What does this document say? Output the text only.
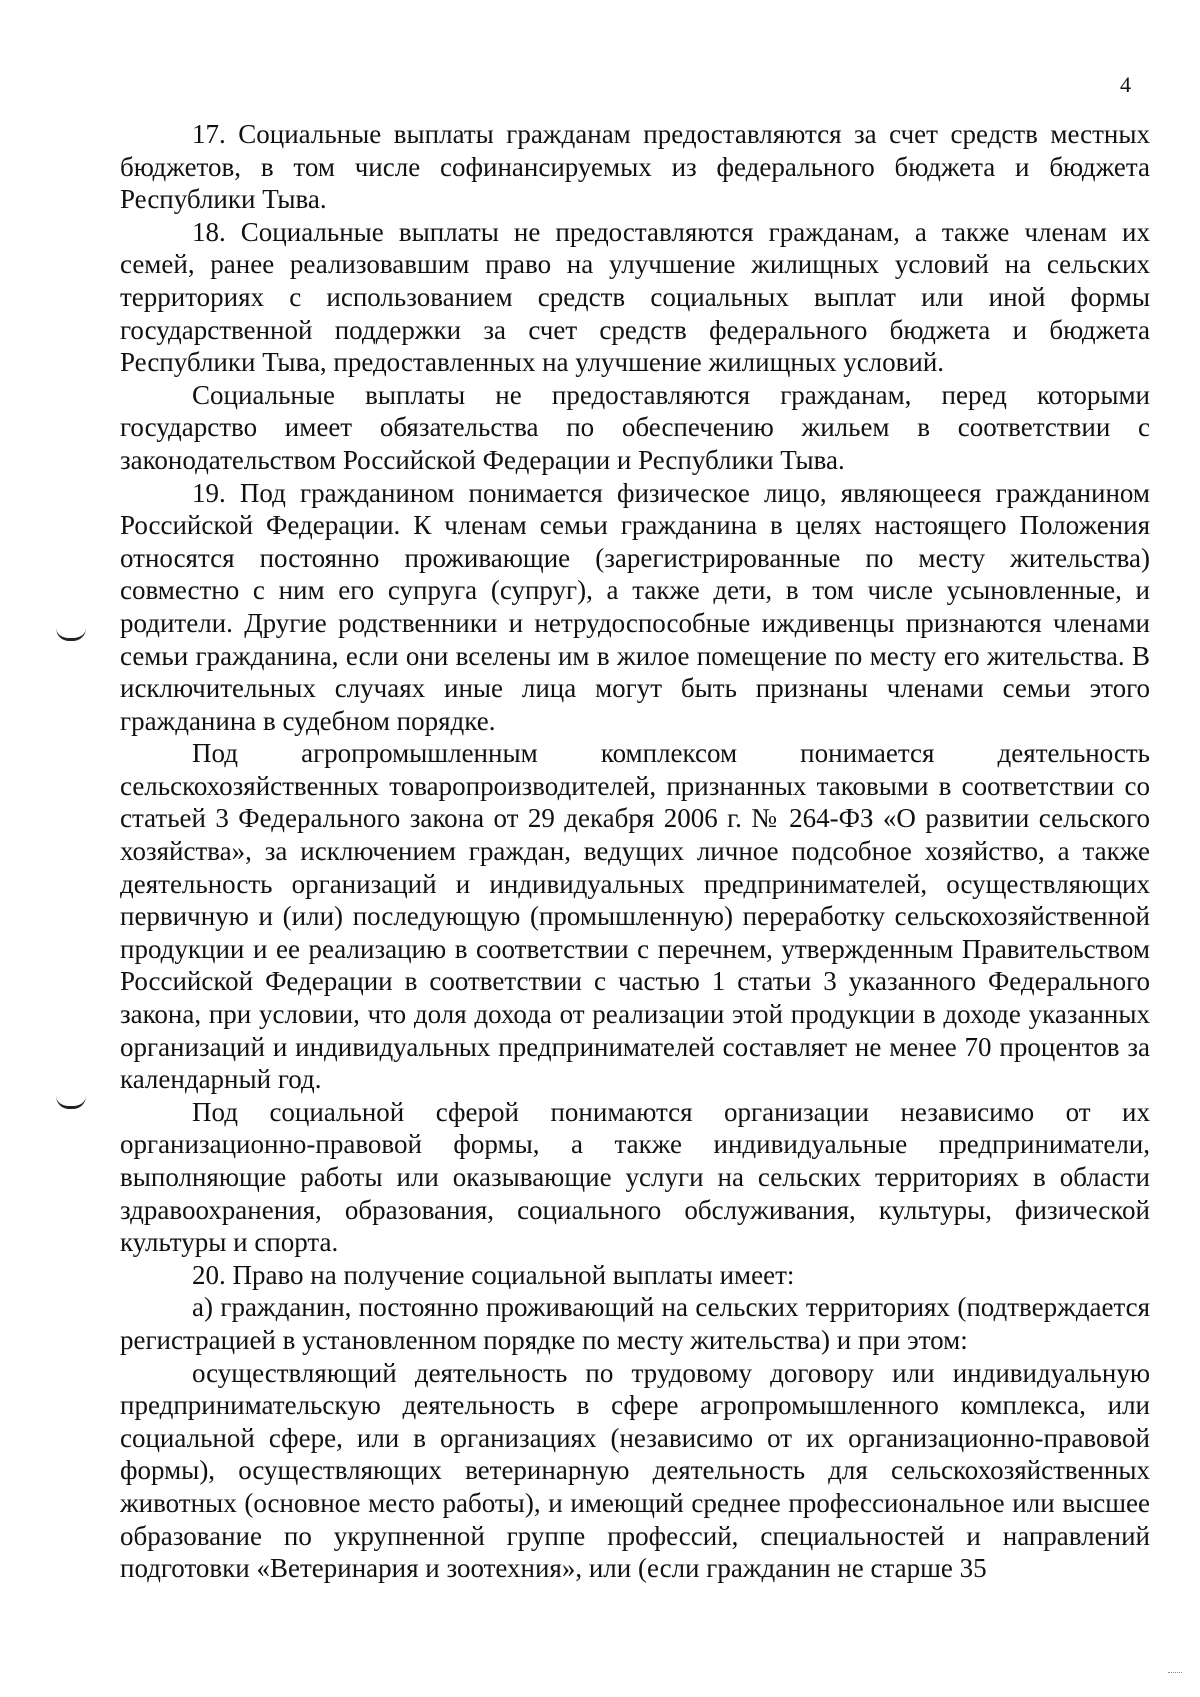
4

17. Социальные выплаты гражданам предоставляются за счет средств местных бюджетов, в том числе софинансируемых из федерального бюджета и бюджета Республики Тыва.

18. Социальные выплаты не предоставляются гражданам, а также членам их семей, ранее реализовавшим право на улучшение жилищных условий на сельских территориях с использованием средств социальных выплат или иной формы государственной поддержки за счет средств федерального бюджета и бюджета Республики Тыва, предоставленных на улучшение жилищных условий.

Социальные выплаты не предоставляются гражданам, перед которыми государство имеет обязательства по обеспечению жильем в соответствии с законодательством Российской Федерации и Республики Тыва.

19. Под гражданином понимается физическое лицо, являющееся гражданином Российской Федерации. К членам семьи гражданина в целях настоящего Положения относятся постоянно проживающие (зарегистрированные по месту жительства) совместно с ним его супруга (супруг), а также дети, в том числе усыновленные, и родители. Другие родственники и нетрудоспособные иждивенцы признаются членами семьи гражданина, если они вселены им в жилое помещение по месту его жительства. В исключительных случаях иные лица могут быть признаны членами семьи этого гражданина в судебном порядке.

Под агропромышленным комплексом понимается деятельность сельскохозяйственных товаропроизводителей, признанных таковыми в соответствии со статьей 3 Федерального закона от 29 декабря 2006 г. № 264-ФЗ «О развитии сельского хозяйства», за исключением граждан, ведущих личное подсобное хозяйство, а также деятельность организаций и индивидуальных предпринимателей, осуществляющих первичную и (или) последующую (промышленную) переработку сельскохозяйственной продукции и ее реализацию в соответствии с перечнем, утвержденным Правительством Российской Федерации в соответствии с частью 1 статьи 3 указанного Федерального закона, при условии, что доля дохода от реализации этой продукции в доходе указанных организаций и индивидуальных предпринимателей составляет не менее 70 процентов за календарный год.

Под социальной сферой понимаются организации независимо от их организационно-правовой формы, а также индивидуальные предприниматели, выполняющие работы или оказывающие услуги на сельских территориях в области здравоохранения, образования, социального обслуживания, культуры, физической культуры и спорта.

20. Право на получение социальной выплаты имеет:

а) гражданин, постоянно проживающий на сельских территориях (подтверждается регистрацией в установленном порядке по месту жительства) и при этом:

осуществляющий деятельность по трудовому договору или индивидуальную предпринимательскую деятельность в сфере агропромышленного комплекса, или социальной сфере, или в организациях (независимо от их организационно-правовой формы), осуществляющих ветеринарную деятельность для сельскохозяйственных животных (основное место работы), и имеющий среднее профессиональное или высшее образование по укрупненной группе профессий, специальностей и направлений подготовки «Ветеринария и зоотехния», или (если гражданин не старше 35
